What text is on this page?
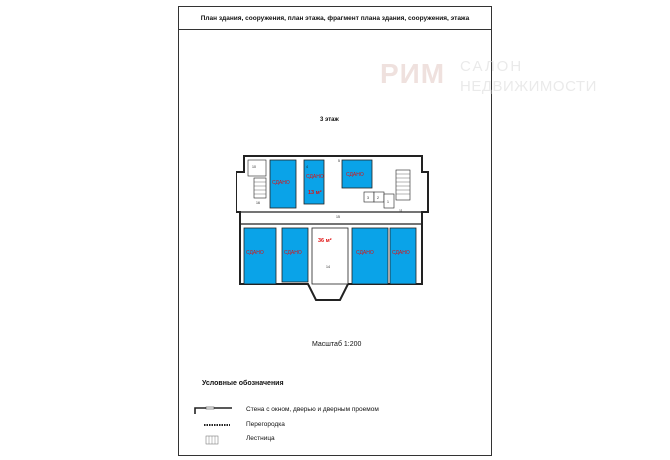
План здания, сооружения, план этажа, фрагмент плана здания, сооружения, этажа
РИМ САЛОН
НЕДВИЖИМОСТИ
3 этаж
СДАНО
СДАНО	СДАНО
СДАНО	СДАНО	СДАНО	СДАНО
13 м²
36 м²
10	4
5
3 2
1
11
14
15
16
Масштаб 1:200
Условные обозначения
Стена с окном, дверью и дверным проемом
Перегородка
Лестница
